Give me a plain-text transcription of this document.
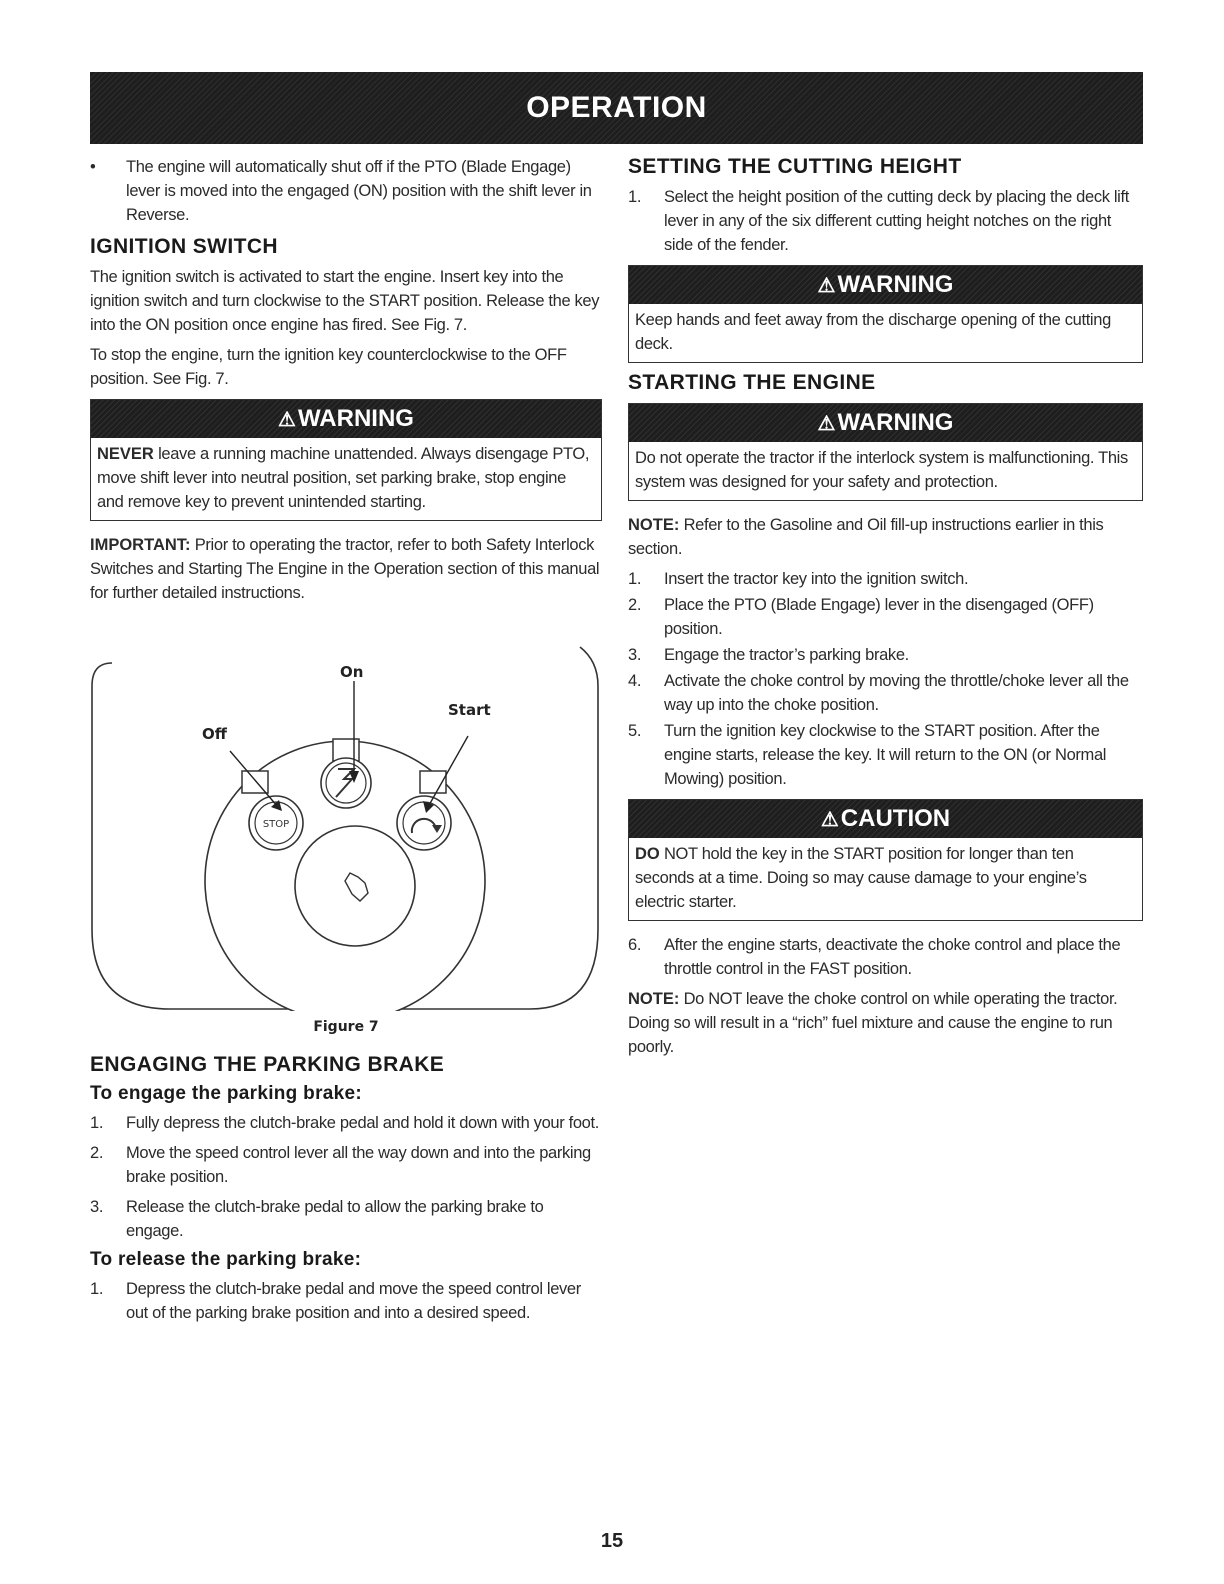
OPERATION

• The engine will automatically shut off if the PTO (Blade Engage) lever is moved into the engaged (ON) position with the shift lever in Reverse.

IGNITION SWITCH

The ignition switch is activated to start the engine. Insert key into the ignition switch and turn clockwise to the START position. Release the key into the ON position once engine has fired. See Fig. 7.

To stop the engine, turn the ignition key counterclockwise to the OFF position. See Fig. 7.

⚠ WARNING

NEVER leave a running machine unattended. Always disengage PTO, move shift lever into neutral position, set parking brake, stop engine and remove key to prevent unintended starting.

IMPORTANT: Prior to operating the tractor, refer to both Safety Interlock Switches and Starting The Engine in the Operation section of this manual for further detailed instructions.

STOP
On
Off
Start
Figure 7
ENGAGING THE PARKING BRAKE
To engage the parking brake:
1.	Fully depress the clutch-brake pedal and hold it down with your foot.
2.	Move the speed control lever all the way down and into the parking brake position.
3.	Release the clutch-brake pedal to allow the parking brake to engage.
To release the parking brake:
1.	Depress the clutch-brake pedal and move the speed control lever out of the parking brake position and into a desired speed.
SETTING THE CUTTING HEIGHT
1.	Select the height position of the cutting deck by placing the deck lift lever in any of the six different cutting height notches on the right side of the fender.
⚠ WARNING

Keep hands and feet away from the discharge opening of the cutting deck.

STARTING THE ENGINE
⚠ WARNING

Do not operate the tractor if the interlock system is malfunctioning. This system was designed for your safety and protection.

NOTE: Refer to the Gasoline and Oil fill-up instructions earlier in this section.

1.	Insert the tractor key into the ignition switch.
2.	Place the PTO (Blade Engage) lever in the disengaged (OFF) position.
3.	Engage the tractor’s parking brake.
4.	Activate the choke control by moving the throttle/choke lever all the way up into the choke position.
5.	Turn the ignition key clockwise to the START position. After the engine starts, release the key. It will return to the ON (or Normal Mowing) position.
⚠ CAUTION

DO NOT hold the key in the START position for longer than ten seconds at a time. Doing so may cause damage to your engine’s electric starter.

6.	After the engine starts, deactivate the choke control and place the throttle control in the FAST position.

NOTE: Do NOT leave the choke control on while operating the tractor. Doing so will result in a “rich” fuel mixture and cause the engine to run poorly.

15
